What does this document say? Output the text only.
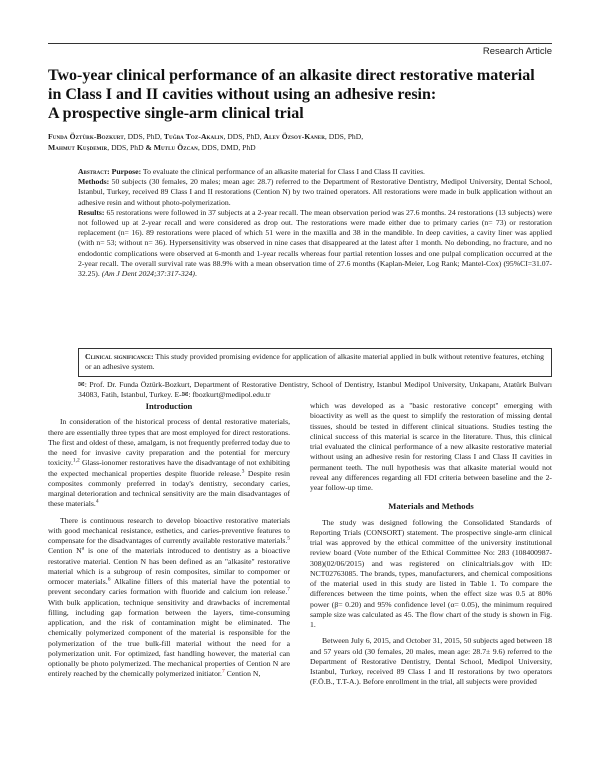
Research Article
Two-year clinical performance of an alkasite direct restorative material
in Class I and II cavities without using an adhesive resin:
A prospective single-arm clinical trial
Funda Öztürk-Bozkurt, DDS, PhD, Tuğba Toz-Akalin, DDS, PhD, Alev Özsoy-Kaner, DDS, PhD,
Mahmut Kuşdemir, DDS, PhD & Mutlu Özcan, DDS, DMD, PhD

Abstract: Purpose: To evaluate the clinical performance of an alkasite material for Class I and Class II cavities.

Methods: 50 subjects (30 females, 20 males; mean age: 28.7) referred to the Department of Restorative Dentistry, Medipol University, Dental School, Istanbul, Turkey, received 89 Class I and II restorations (Cention N) by two trained operators. All restorations were made in bulk application without an adhesive resin and without photo-polymerization.

Results: 65 restorations were followed in 37 subjects at a 2-year recall. The mean observation period was 27.6 months. 24 restorations (13 subjects) were not followed up at 2-year recall and were considered as drop out. The restorations were made either due to primary caries (n= 73) or restoration replacement (n= 16). 89 restorations were placed of which 51 were in the maxilla and 38 in the mandible. In deep cavities, a cavity liner was applied (with n= 53; without n= 36). Hypersensitivity was observed in nine cases that disappeared at the latest after 1 month. No debonding, no fracture, and no endodontic complications were observed at 6-month and 1-year recalls whereas four partial retention losses and one pulpal complication occurred at the 2-year recall. The overall survival rate was 88.9% with a mean observation time of 27.6 months (Kaplan-Meier, Log Rank; Mantel-Cox) (95%CI=31.07-32.25). (Am J Dent 2024;37:317-324).

Clinical significance: This study provided promising evidence for application of alkasite material applied in bulk without retentive features, etching or an adhesive system.
✉: Prof. Dr. Funda Öztürk-Bozkurt, Department of Restorative Dentistry, School of Dentistry, Istanbul Medipol University, Unkapanı, Atatürk Bulvarı 34083, Fatih, Istanbul, Turkey. E-✉: fbozkurt@medipol.edu.tr
Introduction

In consideration of the historical process of dental restorative materials, there are essentially three types that are most employed for direct restorations. The first and oldest of these, amalgam, is not frequently preferred today due to the need for invasive cavity preparation and the potential for mercury toxicity.$^{1,2}$ Glass-ionomer restoratives have the disadvantage of not exhibiting the expected mechanical properties despite fluoride release.$^3$ Despite resin composites commonly preferred in today's dentistry, secondary caries, marginal deterioration and technical sensitivity are the main disadvantages of these materials.$^4$

There is continuous research to develop bioactive restorative materials with good mechanical resistance, esthetics, and caries-preventive features to compensate for the disadvantages of currently available restorative materials.$^5$ Cention N$^a$ is one of the materials introduced to dentistry as a bioactive restorative material. Cention N has been defined as an "alkasite" restorative material which is a subgroup of resin composites, similar to compomer or ormocer materials.$^6$ Alkaline fillers of this material have the potential to prevent secondary caries formation with fluoride and calcium ion release.$^7$ With bulk application, technique sensitivity and drawbacks of incremental filling, including gap formation between the layers, time-consuming application, and the risk of contamination might be eliminated. The chemically polymerized component of the material is responsible for the polymerization of the true bulk-fill material without the need for a polymerization unit. For optimized, fast handling however, the material can optionally be photo polymerized. The mechanical properties of Cention N are entirely reached by the chemically polymerized initiator.$^7$ Cention N,

which was developed as a "basic restorative concept" emerging with bioactivity as well as the quest to simplify the restoration of missing dental tissues, should be tested in different clinical situations. Studies testing the clinical success of this material is scarce in the literature. Thus, this clinical trial evaluated the clinical performance of a new alkasite restorative material without using an adhesive resin for restoring Class I and Class II cavities in permanent teeth. The null hypothesis was that alkasite material would not reveal any differences regarding all FDI criteria between baseline and the 2-year follow-up time.

Materials and Methods

The study was designed following the Consolidated Standards of Reporting Trials (CONSORT) statement. The prospective single-arm clinical trial was approved by the ethical committee of the university institutional review board (Vote number of the Ethical Committee No: 283 (108400987-308)(02/06/2015) and was registered on clinicaltrials.gov with ID: NCT02763085. The brands, types, manufacturers, and chemical compositions of the material used in this study are listed in Table 1. To compare the differences between the time points, when the effect size was 0.5 at 80% power (β= 0.20) and 95% confidence level (α= 0.05), the minimum required sample size was calculated as 45. The flow chart of the study is shown in Fig. 1.

Between July 6, 2015, and October 31, 2015, 50 subjects aged between 18 and 57 years old (30 females, 20 males, mean age: 28.7± 9.6) referred to the Department of Restorative Dentistry, Dental School, Medipol University, Istanbul, Turkey, received 89 Class I and II restorations by two operators (F.Ö.B., T.T-A.). Before enrollment in the trial, all subjects were provided
